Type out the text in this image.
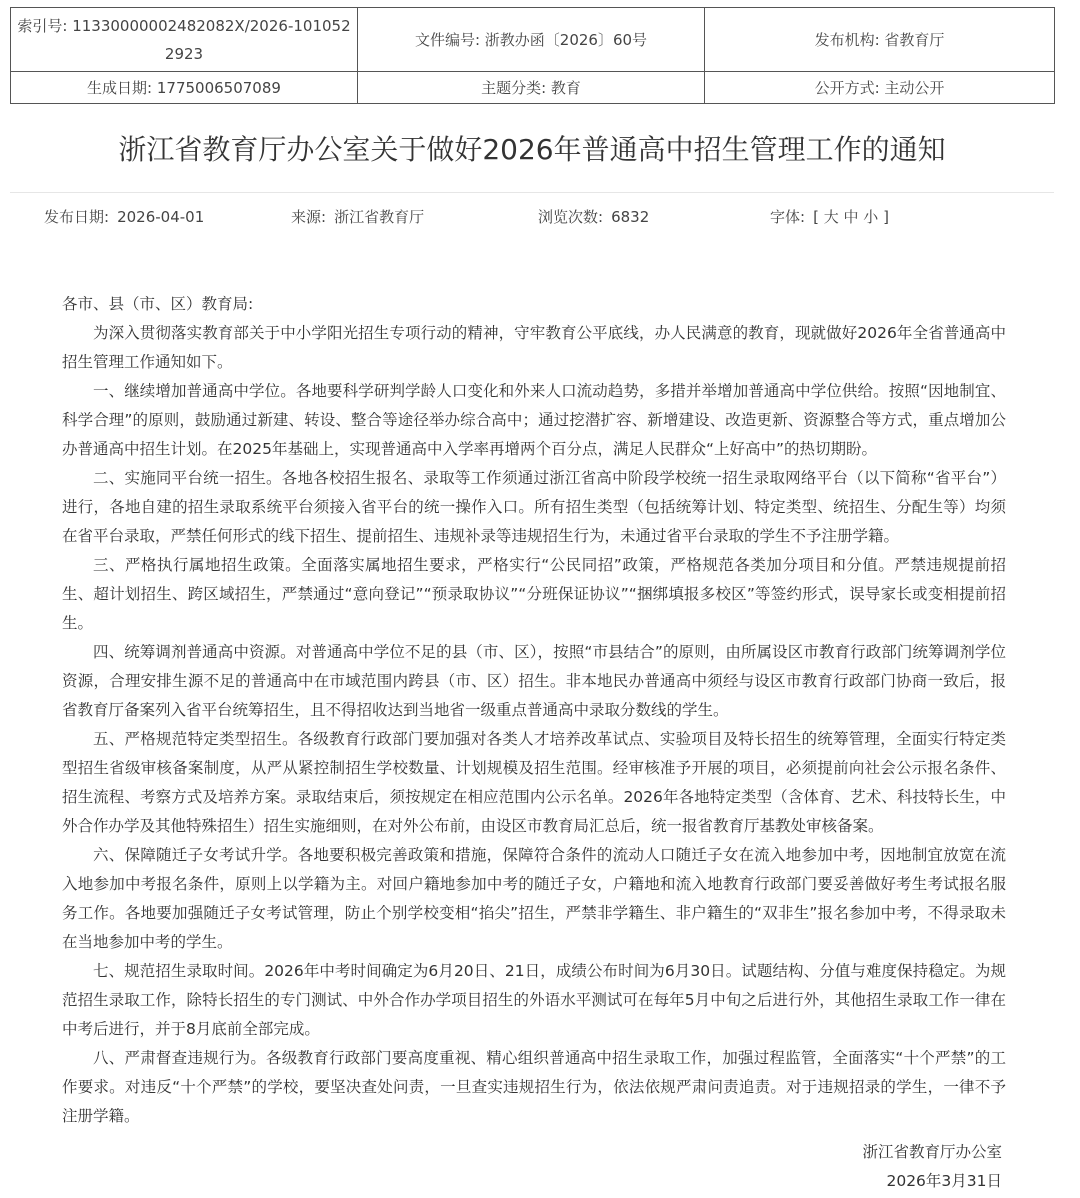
索引号: 11330000002482082X/2026-1010522923	文件编号: 浙教办函〔2026〕60号	发布机构: 省教育厅
生成日期: 1775006507089	主题分类: 教育	公开方式: 主动公开
浙江省教育厅办公室关于做好2026年普通高中招生管理工作的通知
发布日期: 2026-04-01	来源: 浙江省教育厅	浏览次数: 6832	字体: [ 大 中 小 ]

各市、县（市、区）教育局:

为深入贯彻落实教育部关于中小学阳光招生专项行动的精神，守牢教育公平底线，办人民满意的教育，现就做好2026年全省普通高中招生管理工作通知如下。

一、继续增加普通高中学位。各地要科学研判学龄人口变化和外来人口流动趋势，多措并举增加普通高中学位供给。按照“因地制宜、科学合理”的原则，鼓励通过新建、转设、整合等途径举办综合高中；通过挖潜扩容、新增建设、改造更新、资源整合等方式，重点增加公办普通高中招生计划。在2025年基础上，实现普通高中入学率再增两个百分点，满足人民群众“上好高中”的热切期盼。

二、实施同平台统一招生。各地各校招生报名、录取等工作须通过浙江省高中阶段学校统一招生录取网络平台（以下简称“省平台”）进行，各地自建的招生录取系统平台须接入省平台的统一操作入口。所有招生类型（包括统筹计划、特定类型、统招生、分配生等）均须在省平台录取，严禁任何形式的线下招生、提前招生、违规补录等违规招生行为，未通过省平台录取的学生不予注册学籍。

三、严格执行属地招生政策。全面落实属地招生要求，严格实行“公民同招”政策，严格规范各类加分项目和分值。严禁违规提前招生、超计划招生、跨区域招生，严禁通过“意向登记”“预录取协议”“分班保证协议”“捆绑填报多校区”等签约形式，误导家长或变相提前招生。

四、统筹调剂普通高中资源。对普通高中学位不足的县（市、区），按照“市县结合”的原则，由所属设区市教育行政部门统筹调剂学位资源，合理安排生源不足的普通高中在市域范围内跨县（市、区）招生。非本地民办普通高中须经与设区市教育行政部门协商一致后，报省教育厅备案列入省平台统筹招生，且不得招收达到当地省一级重点普通高中录取分数线的学生。

五、严格规范特定类型招生。各级教育行政部门要加强对各类人才培养改革试点、实验项目及特长招生的统筹管理，全面实行特定类型招生省级审核备案制度，从严从紧控制招生学校数量、计划规模及招生范围。经审核准予开展的项目，必须提前向社会公示报名条件、招生流程、考察方式及培养方案。录取结束后，须按规定在相应范围内公示名单。2026年各地特定类型（含体育、艺术、科技特长生，中外合作办学及其他特殊招生）招生实施细则，在对外公布前，由设区市教育局汇总后，统一报省教育厅基教处审核备案。

六、保障随迁子女考试升学。各地要积极完善政策和措施，保障符合条件的流动人口随迁子女在流入地参加中考，因地制宜放宽在流入地参加中考报名条件，原则上以学籍为主。对回户籍地参加中考的随迁子女，户籍地和流入地教育行政部门要妥善做好考生考试报名服务工作。各地要加强随迁子女考试管理，防止个别学校变相“掐尖”招生，严禁非学籍生、非户籍生的“双非生”报名参加中考，不得录取未在当地参加中考的学生。

七、规范招生录取时间。2026年中考时间确定为6月20日、21日，成绩公布时间为6月30日。试题结构、分值与难度保持稳定。为规范招生录取工作，除特长招生的专门测试、中外合作办学项目招生的外语水平测试可在每年5月中旬之后进行外，其他招生录取工作一律在中考后进行，并于8月底前全部完成。

八、严肃督查违规行为。各级教育行政部门要高度重视、精心组织普通高中招生录取工作，加强过程监管，全面落实“十个严禁”的工作要求。对违反“十个严禁”的学校，要坚决查处问责，一旦查实违规招生行为，依法依规严肃问责追责。对于违规招录的学生，一律不予注册学籍。

浙江省教育厅办公室
2026年3月31日
